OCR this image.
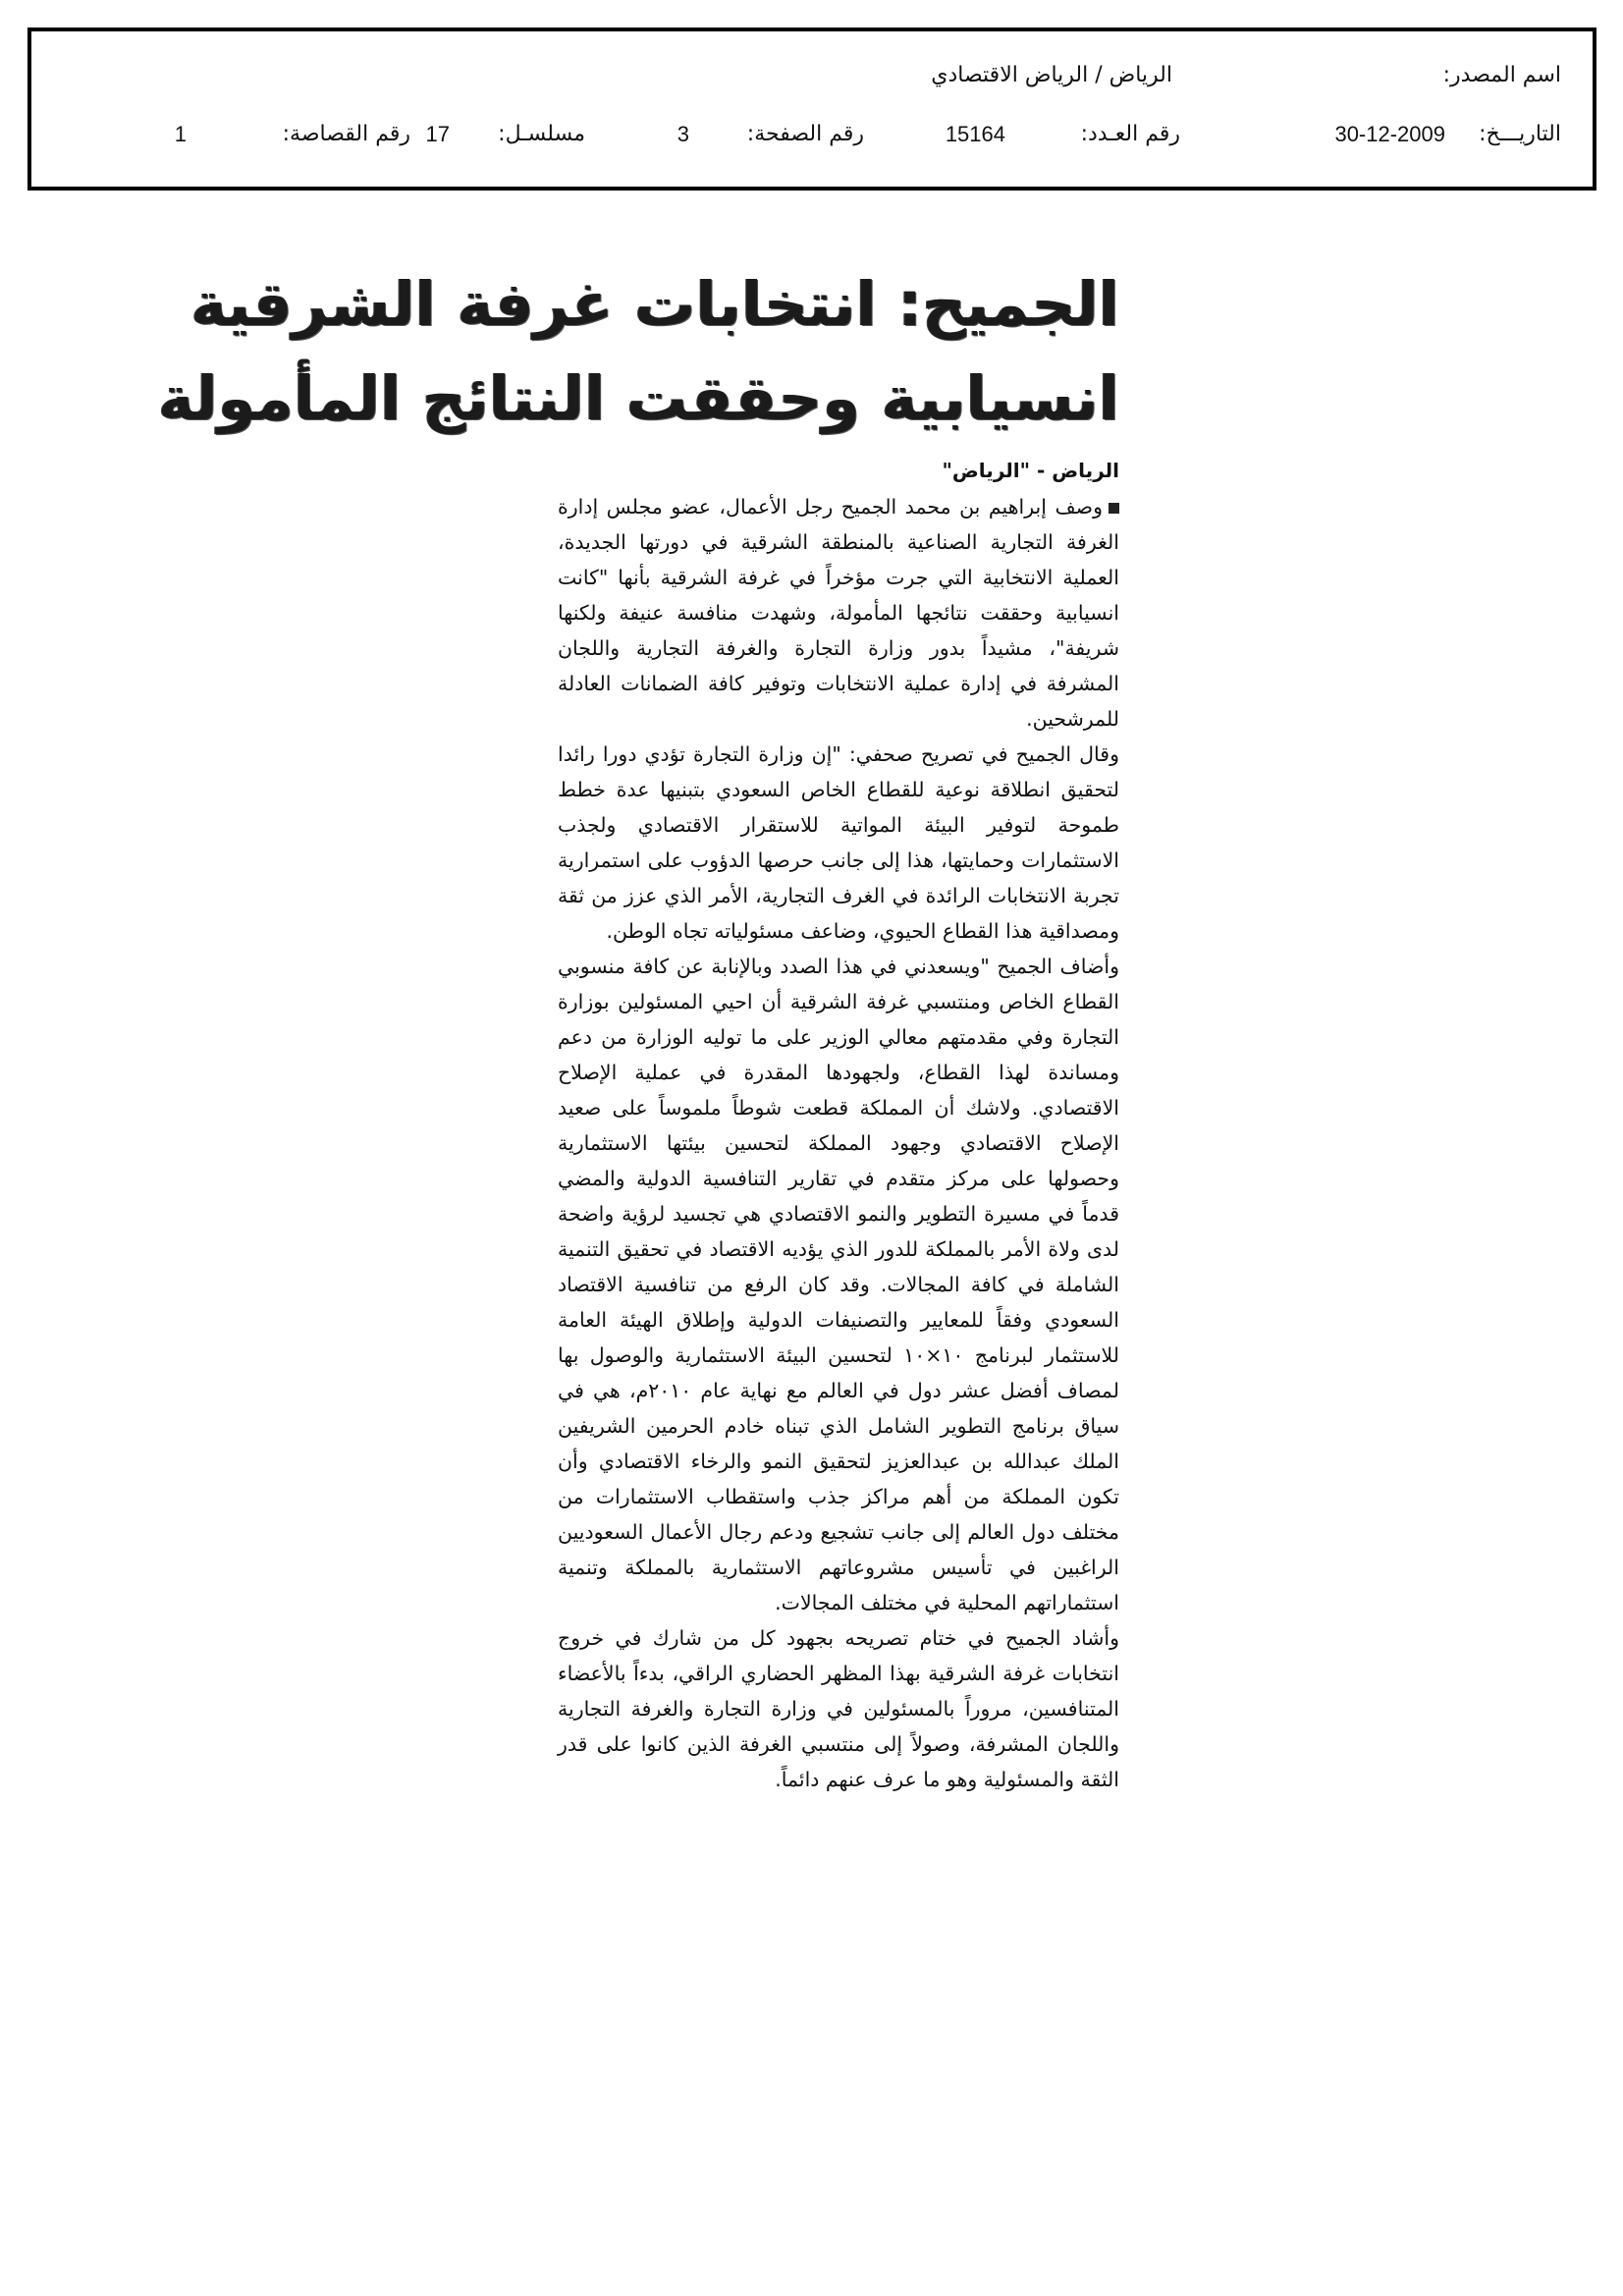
اسم المصدر:
الرياض / الرياض الاقتصادي
التاريـــخ:
30-12-2009
رقم العـدد:
15164
رقم الصفحة:
3
مسلسـل:
17
رقم القصاصة:
1
الجميح: انتخابات غرفة الشرقية
انسيابية وحققت النتائج المأمولة
الرياض - "الرياض"

وصف إبراهيم بن محمد الجميح رجل الأعمال، عضو مجلس إدارة الغرفة التجارية الصناعية بالمنطقة الشرقية في دورتها الجديدة، العملية الانتخابية التي جرت مؤخراً في غرفة الشرقية بأنها "كانت انسيابية وحققت نتائجها المأمولة، وشهدت منافسة عنيفة ولكنها شريفة"، مشيداً بدور وزارة التجارة والغرفة التجارية واللجان المشرفة في إدارة عملية الانتخابات وتوفير كافة الضمانات العادلة للمرشحين.

وقال الجميح في تصريح صحفي: "إن وزارة التجارة تؤدي دورا رائدا لتحقيق انطلاقة نوعية للقطاع الخاص السعودي بتبنيها عدة خطط طموحة لتوفير البيئة المواتية للاستقرار الاقتصادي ولجذب الاستثمارات وحمايتها، هذا إلى جانب حرصها الدؤوب على استمرارية تجربة الانتخابات الرائدة في الغرف التجارية، الأمر الذي عزز من ثقة ومصداقية هذا القطاع الحيوي، وضاعف مسئولياته تجاه الوطن.

وأضاف الجميح "ويسعدني في هذا الصدد وبالإنابة عن كافة منسوبي القطاع الخاص ومنتسبي غرفة الشرقية أن احيي المسئولين بوزارة التجارة وفي مقدمتهم معالي الوزير على ما توليه الوزارة من دعم ومساندة لهذا القطاع، ولجهودها المقدرة في عملية الإصلاح الاقتصادي. ولاشك أن المملكة قطعت شوطاً ملموساً على صعيد الإصلاح الاقتصادي وجهود المملكة لتحسين بيئتها الاستثمارية وحصولها على مركز متقدم في تقارير التنافسية الدولية والمضي قدماً في مسيرة التطوير والنمو الاقتصادي هي تجسيد لرؤية واضحة لدى ولاة الأمر بالمملكة للدور الذي يؤديه الاقتصاد في تحقيق التنمية الشاملة في كافة المجالات. وقد كان الرفع من تنافسية الاقتصاد السعودي وفقاً للمعايير والتصنيفات الدولية وإطلاق الهيئة العامة للاستثمار لبرنامج ١٠×١٠ لتحسين البيئة الاستثمارية والوصول بها لمصاف أفضل عشر دول في العالم مع نهاية عام ٢٠١٠م، هي في سياق برنامج التطوير الشامل الذي تبناه خادم الحرمين الشريفين الملك عبدالله بن عبدالعزيز لتحقيق النمو والرخاء الاقتصادي وأن تكون المملكة من أهم مراكز جذب واستقطاب الاستثمارات من مختلف دول العالم إلى جانب تشجيع ودعم رجال الأعمال السعوديين الراغبين في تأسيس مشروعاتهم الاستثمارية بالمملكة وتنمية استثماراتهم المحلية في مختلف المجالات.

وأشاد الجميح في ختام تصريحه بجهود كل من شارك في خروج انتخابات غرفة الشرقية بهذا المظهر الحضاري الراقي، بدءاً بالأعضاء المتنافسين، مروراً بالمسئولين في وزارة التجارة والغرفة التجارية واللجان المشرفة، وصولاً إلى منتسبي الغرفة الذين كانوا على قدر الثقة والمسئولية وهو ما عرف عنهم دائماً.
